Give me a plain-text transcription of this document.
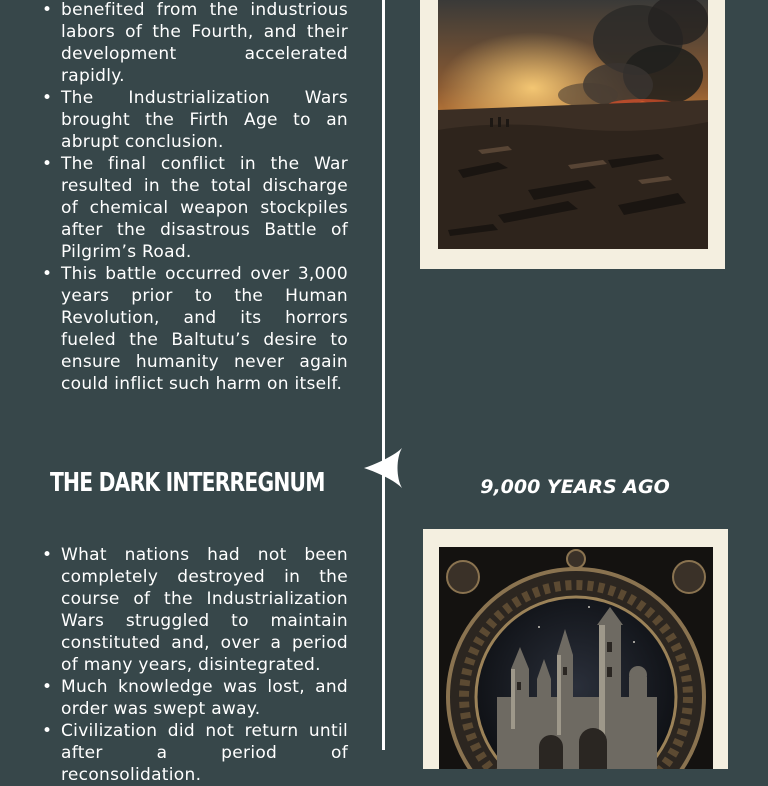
• benefited from the industrious labors of the Fourth, and their development accelerated rapidly.
• The Industrialization Wars brought the Firth Age to an abrupt conclusion.
• The final conflict in the War resulted in the total discharge of chemical weapon stockpiles after the disastrous Battle of Pilgrim’s Road.
• This battle occurred over 3,000 years prior to the Human Revolution, and its horrors fueled the Baltutu’s desire to ensure humanity never again could inflict such harm on itself.
THE DARK INTERREGNUM	9,000 YEARS AGO
• What nations had not been completely destroyed in the course of the Industrialization Wars struggled to maintain constituted and, over a period of many years, disintegrated.
• Much knowledge was lost, and order was swept away.
• Civilization did not return until after a period of reconsolidation.
